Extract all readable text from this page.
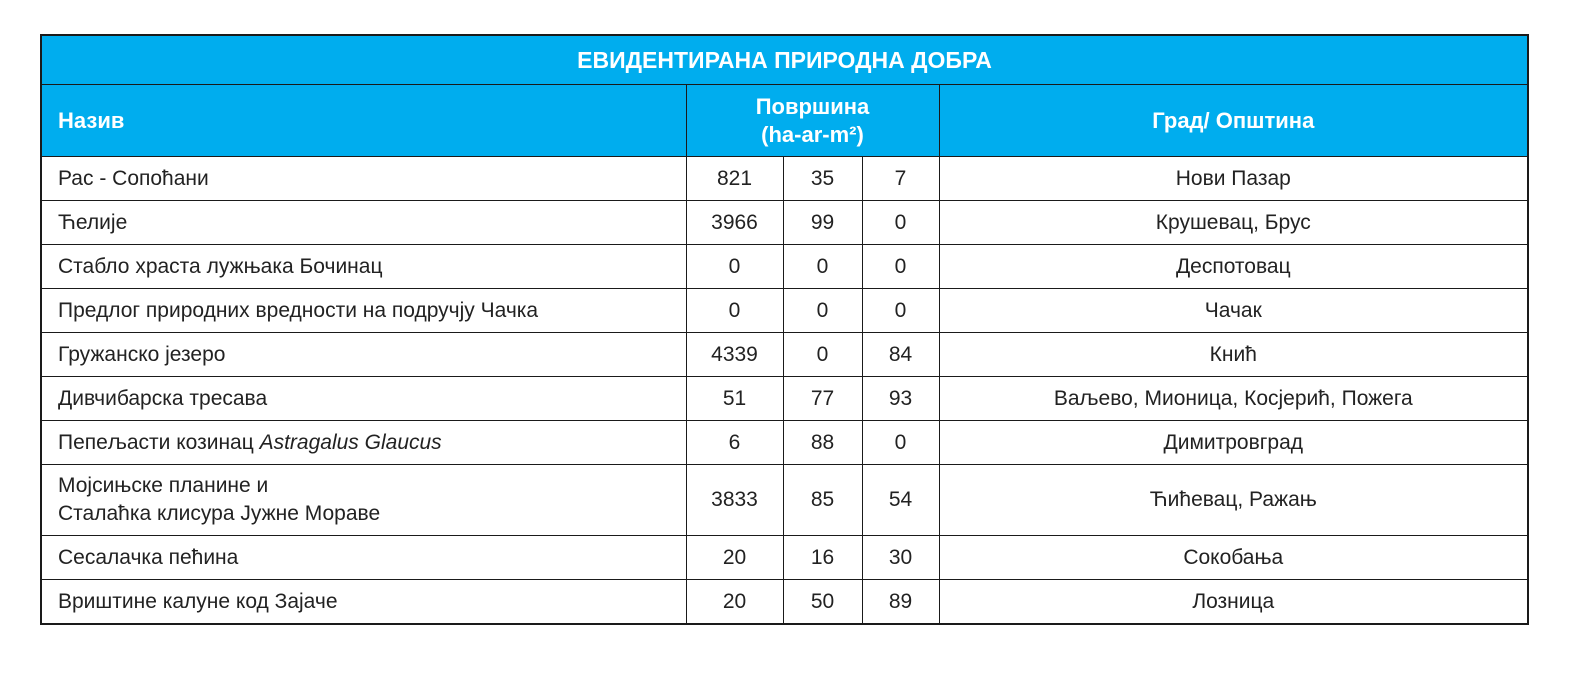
ЕВИДЕНТИРАНА ПРИРОДНА ДОБРА				
Назив	Површина
(ha-ar-m²)			Град/ Општина
Рас - Сопоћани	821	35	7	Нови Пазар
Ћелије	3966	99	0	Крушевац, Брус
Стабло храста лужњака Бочинац	0	0	0	Деспотовац
Предлог природних вредности на подручју Чачка	0	0	0	Чачак
Гружанско језеро	4339	0	84	Кнић
Дивчибарска тресава	51	77	93	Ваљево, Мионица, Косјерић, Пожега
Пепељасти козинац Astragalus Glaucus	6	88	0	Димитровград

Мојсињске планине и
Сталаћка клисура Јужне Мораве	3833	85	54	Ћићевац, Ражањ
Сесалачка пећина	20	16	30	Сокобања
Вриштине калуне код Зајаче	20	50	89	Лозница
